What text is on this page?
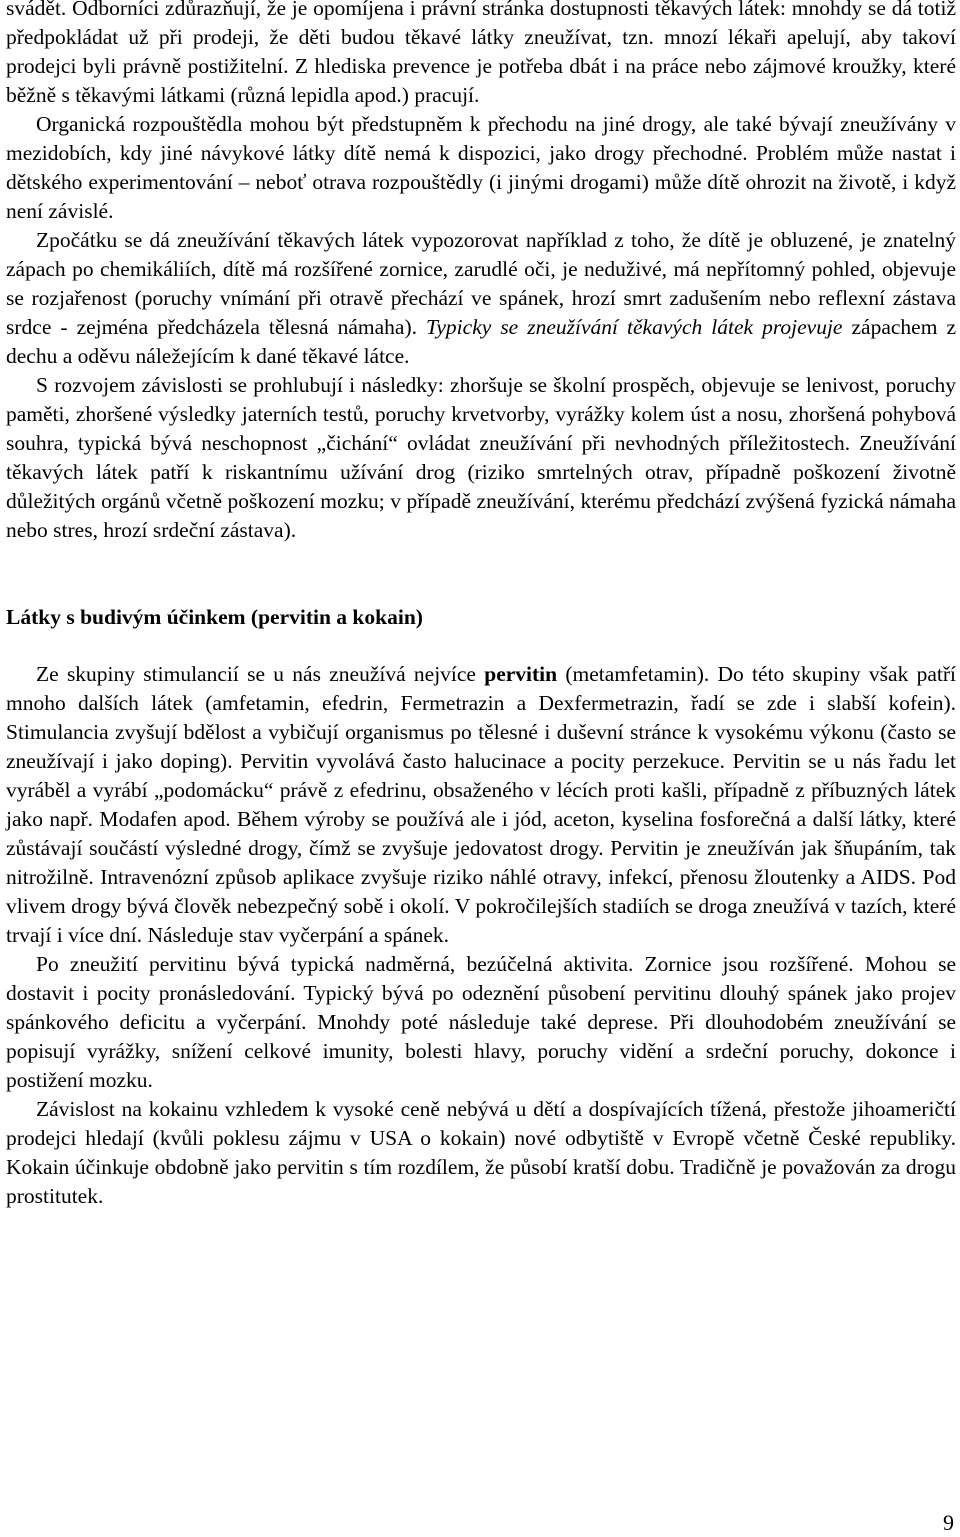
svádět. Odborníci zdůrazňují, že je opomíjena i právní stránka dostupnosti těkavých látek: mnohdy se dá totiž předpokládat už při prodeji, že děti budou těkavé látky zneužívat, tzn. mnozí lékaři apelují, aby takoví prodejci byli právně postižitelní. Z hlediska prevence je potřeba dbát i na práce nebo zájmové kroužky, které běžně s těkavými látkami (různá lepidla apod.) pracují.

Organická rozpouštědla mohou být předstupněm k přechodu na jiné drogy, ale také bývají zneužívány v mezidobích, kdy jiné návykové látky dítě nemá k dispozici, jako drogy přechodné. Problém může nastat i dětského experimentování – neboť otrava rozpouštědly (i jinými drogami) může dítě ohrozit na životě, i když není závislé.

Zpočátku se dá zneužívání těkavých látek vypozorovat například z toho, že dítě je obluzené, je znatelný zápach po chemikáliích, dítě má rozšířené zornice, zarudlé oči, je neduživé, má nepřítomný pohled, objevuje se rozjařenost (poruchy vnímání při otravě přechází ve spánek, hrozí smrt zadušením nebo reflexní zástava srdce - zejména předcházela tělesná námaha). Typicky se zneužívání těkavých látek projevuje zápachem z dechu a oděvu náležejícím k dané těkavé látce.

S rozvojem závislosti se prohlubují i následky: zhoršuje se školní prospěch, objevuje se lenivost, poruchy paměti, zhoršené výsledky jaterních testů, poruchy krvetvorby, vyrážky kolem úst a nosu, zhoršená pohybová souhra, typická bývá neschopnost „čichání“ ovládat zneužívání při nevhodných příležitostech. Zneužívání těkavých látek patří k riskantnímu užívání drog (riziko smrtelných otrav, případně poškození životně důležitých orgánů včetně poškození mozku; v případě zneužívání, kterému předchází zvýšená fyzická námaha nebo stres, hrozí srdeční zástava).

Látky s budivým účinkem (pervitin a kokain)

Ze skupiny stimulancií se u nás zneužívá nejvíce pervitin (metamfetamin). Do této skupiny však patří mnoho dalších látek (amfetamin, efedrin, Fermetrazin a Dexfermetrazin, řadí se zde i slabší kofein). Stimulancia zvyšují bdělost a vybičují organismus po tělesné i duševní stránce k vysokému výkonu (často se zneužívají i jako doping). Pervitin vyvolává často halucinace a pocity perzekuce. Pervitin se u nás řadu let vyráběl a vyrábí „podomácku“ právě z efedrinu, obsaženého v lécích proti kašli, případně z příbuzných látek jako např. Modafen apod. Během výroby se používá ale i jód, aceton, kyselina fosforečná a další látky, které zůstávají součástí výsledné drogy, čímž se zvyšuje jedovatost drogy. Pervitin je zneužíván jak šňupáním, tak nitrožilně. Intravenózní způsob aplikace zvyšuje riziko náhlé otravy, infekcí, přenosu žloutenky a AIDS. Pod vlivem drogy bývá člověk nebezpečný sobě i okolí. V pokročilejších stadiích se droga zneužívá v tazích, které trvají i více dní. Následuje stav vyčerpání a spánek.

Po zneužití pervitinu bývá typická nadměrná, bezúčelná aktivita. Zornice jsou rozšířené. Mohou se dostavit i pocity pronásledování. Typický bývá po odeznění působení pervitinu dlouhý spánek jako projev spánkového deficitu a vyčerpání. Mnohdy poté následuje také deprese. Při dlouhodobém zneužívání se popisují vyrážky, snížení celkové imunity, bolesti hlavy, poruchy vidění a srdeční poruchy, dokonce i postižení mozku.

Závislost na kokainu vzhledem k vysoké ceně nebývá u dětí a dospívajících tížená, přestože jihoameričtí prodejci hledají (kvůli poklesu zájmu v USA o kokain) nové odbytiště v Evropě včetně České republiky. Kokain účinkuje obdobně jako pervitin s tím rozdílem, že působí kratší dobu. Tradičně je považován za drogu prostitutek.

9
